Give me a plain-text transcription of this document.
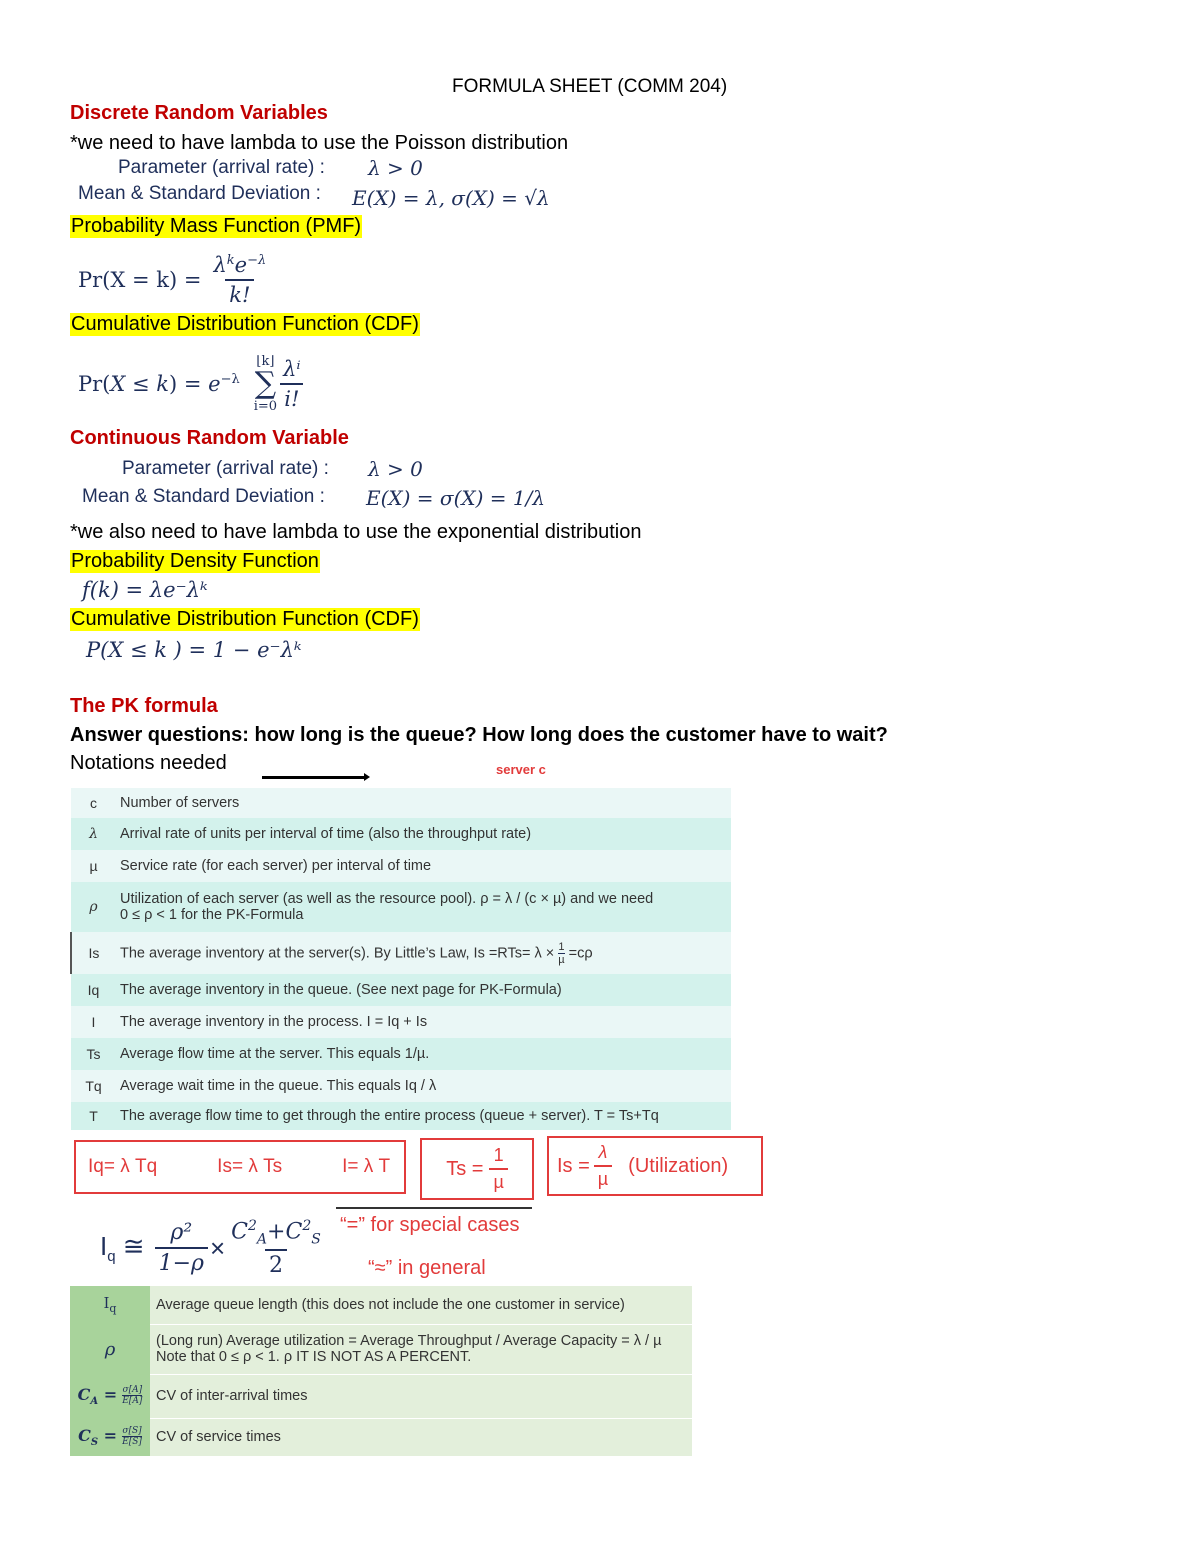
FORMULA SHEET (COMM 204)
Discrete Random Variables
*we need to have lambda to use the Poisson distribution
Parameter (arrival rate) : λ > 0
Mean & Standard Deviation : E(X) = λ, σ(X) = √λ
Probability Mass Function (PMF)
$Pr(X = k) = \frac{\lambda^ke^{-\lambda}}{k!}$
Cumulative Distribution Function (CDF)
$Pr(X \le k) = e^{-\lambda}$
⌊k⌋
∑
$i=0 \frac{\text{λⁱ}}{i!}$
Continuous Random Variable
Parameter (arrival rate) : λ > 0
Mean & Standard Deviation : E(X) = σ(X) = 1/λ
*we also need to have lambda to use the exponential distribution
Probability Density Function
f(k) = λe⁻λᵏ
Cumulative Distribution Function (CDF)
P(X ≤ k ) = 1 − e⁻λᵏ
The PK formula
Answer questions: how long is the queue? How long does the customer have to wait?
Notations needed	server c
c	Number of servers
λ	Arrival rate of units per interval of time (also the throughput rate)
µ	Service rate (for each server) per interval of time
ρ	Utilization of each server (as well as the resource pool). ρ = λ / (c × µ) and we need
0 ≤ ρ < 1 for the PK-Formula

Is	The average inventory at the server(s). By Little’s Law, Is =RTs= λ × 1
µ =cρ
Iq	The average inventory in the queue. (See next page for PK-Formula)
I	The average inventory in the process. I = Iq + Is
Ts	Average flow time at the server. This equals 1/µ.
Tq	Average wait time in the queue. This equals Iq / λ
T	The average flow time to get through the entire process (queue + server). T = Ts+Tq
Iq= λ Tq	Is= λ Ts	I= λ T	$Ts = \frac{1}{\text{µ}}$ $Is = \frac{\lambda}{\text{µ}}$ (Utilization)
$I_q$ ≅ $\frac{\text{ρ²}}{1-\rho} \times \frac{C^2_A+C^2_S}{2}$ “=” for special cases
“≈” in general
$I_q$	Average queue length (this does not include the one customer in service)
ρ	(Long run) Average utilization = Average Throughput / Average Capacity = λ / µ
Note that 0 ≤ ρ < 1. ρ IT IS NOT AS A PERCENT.

$C_A = \frac{\sigma[A]}{E[A]}$	CV of inter-arrival times
$C_S = \frac{\sigma[S]}{E[S]}$	CV of service times
